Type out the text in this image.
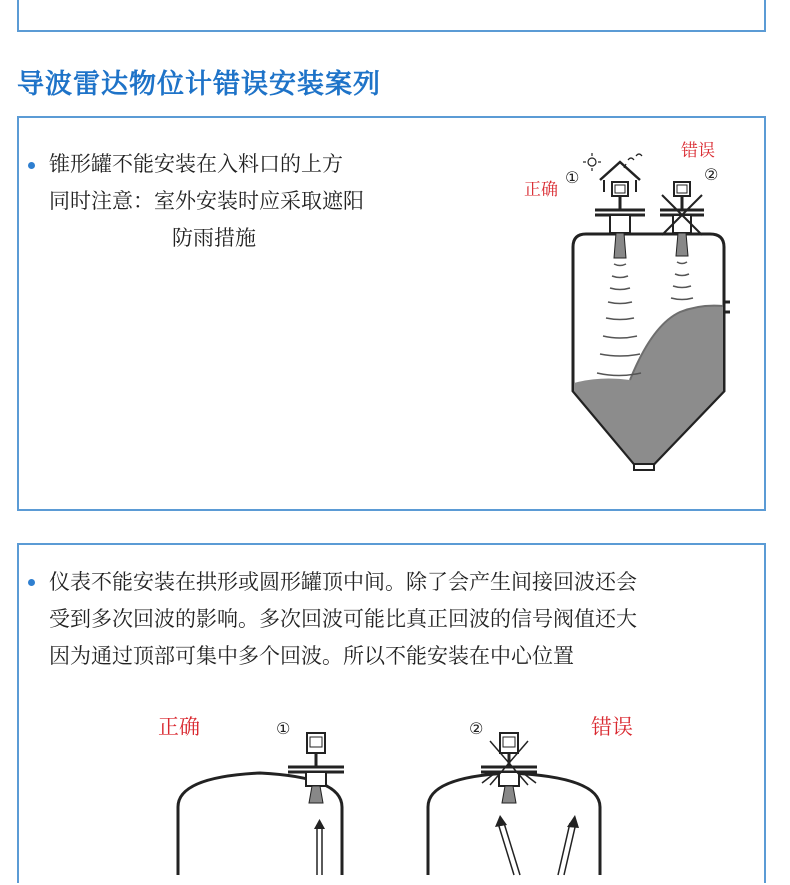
导波雷达物位计错误安装案列
锥形罐不能安装在入料口的上方
同时注意：室外安装时应采取遮阳
防雨措施
正确
错误
①	②
仪表不能安装在拱形或圆形罐顶中间。除了会产生间接回波还会
受到多次回波的影响。多次回波可能比真正回波的信号阀值还大
因为通过顶部可集中多个回波。所以不能安装在中心位置
正确	错误
①	②
